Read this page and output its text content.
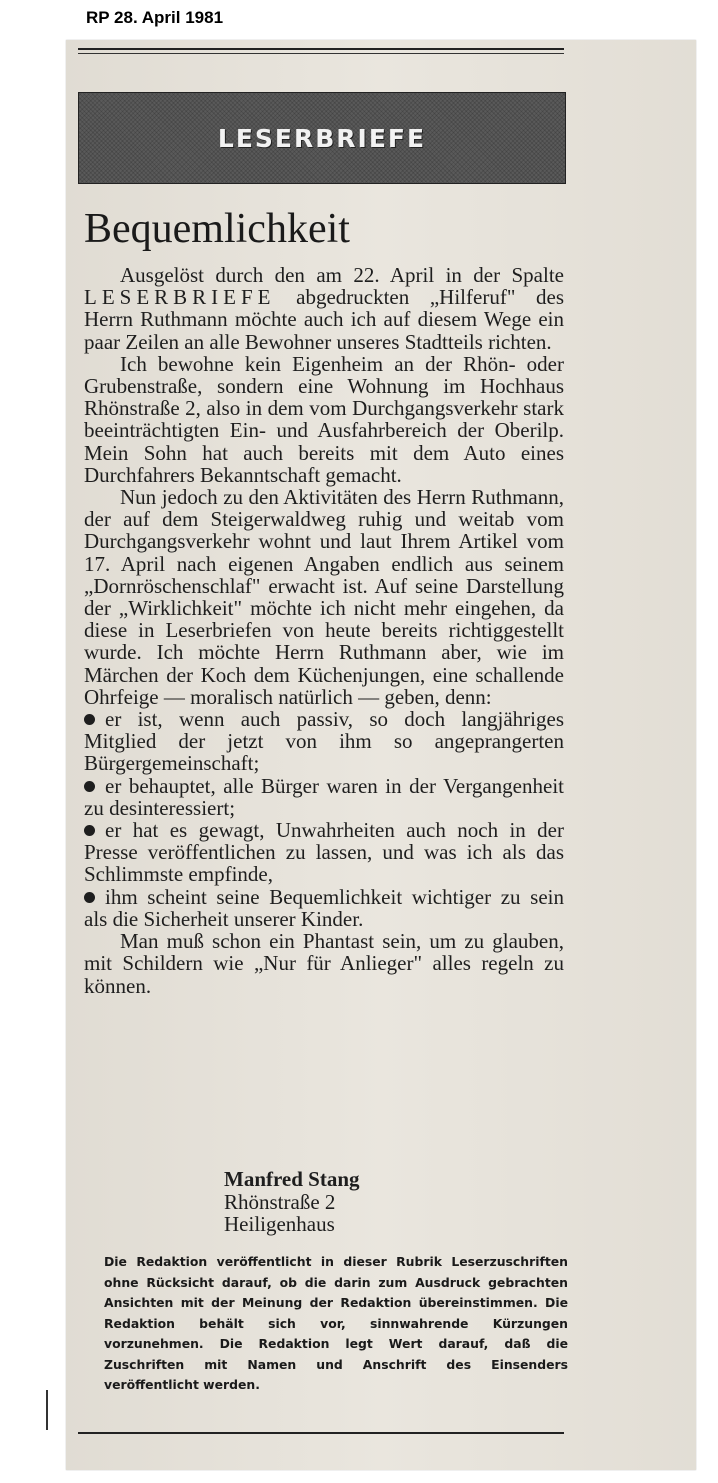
RP 28. April 1981
LESERBRIEFE
Bequemlichkeit

Ausgelöst durch den am 22. April in der Spalte LESERBRIEFE abgedruckten „Hilferuf" des Herrn Ruthmann möchte auch ich auf diesem Wege ein paar Zeilen an alle Bewohner unseres Stadtteils richten.

Ich bewohne kein Eigenheim an der Rhön- oder Grubenstraße, sondern eine Wohnung im Hochhaus Rhönstraße 2, also in dem vom Durchgangsverkehr stark beeinträchtigten Ein- und Ausfahrbereich der Oberilp. Mein Sohn hat auch bereits mit dem Auto eines Durchfahrers Bekanntschaft gemacht.

Nun jedoch zu den Aktivitäten des Herrn Ruthmann, der auf dem Steigerwaldweg ruhig und weitab vom Durchgangsverkehr wohnt und laut Ihrem Artikel vom 17. April nach eigenen Angaben endlich aus seinem „Dornröschenschlaf" erwacht ist. Auf seine Darstellung der „Wirklichkeit" möchte ich nicht mehr eingehen, da diese in Leserbriefen von heute bereits richtiggestellt wurde. Ich möchte Herrn Ruthmann aber, wie im Märchen der Koch dem Küchenjungen, eine schallende Ohrfeige — moralisch natürlich — geben, denn:

er ist, wenn auch passiv, so doch langjähriges Mitglied der jetzt von ihm so angeprangerten Bürgergemeinschaft;

er behauptet, alle Bürger waren in der Vergangenheit zu desinteressiert;

er hat es gewagt, Unwahrheiten auch noch in der Presse veröffentlichen zu lassen, und was ich als das Schlimmste empfinde,

ihm scheint seine Bequemlichkeit wichtiger zu sein als die Sicherheit unserer Kinder.

Man muß schon ein Phantast sein, um zu glauben, mit Schildern wie „Nur für Anlieger" alles regeln zu können.

Manfred Stang
Rhönstraße 2
Heiligenhaus
Die Redaktion veröffentlicht in dieser Rubrik Leserzuschriften ohne Rücksicht darauf, ob die darin zum Ausdruck gebrachten Ansichten mit der Meinung der Redaktion übereinstimmen. Die Redaktion behält sich vor, sinnwahrende Kürzungen vorzunehmen. Die Redaktion legt Wert darauf, daß die Zuschriften mit Namen und Anschrift des Einsenders veröffentlicht werden.
